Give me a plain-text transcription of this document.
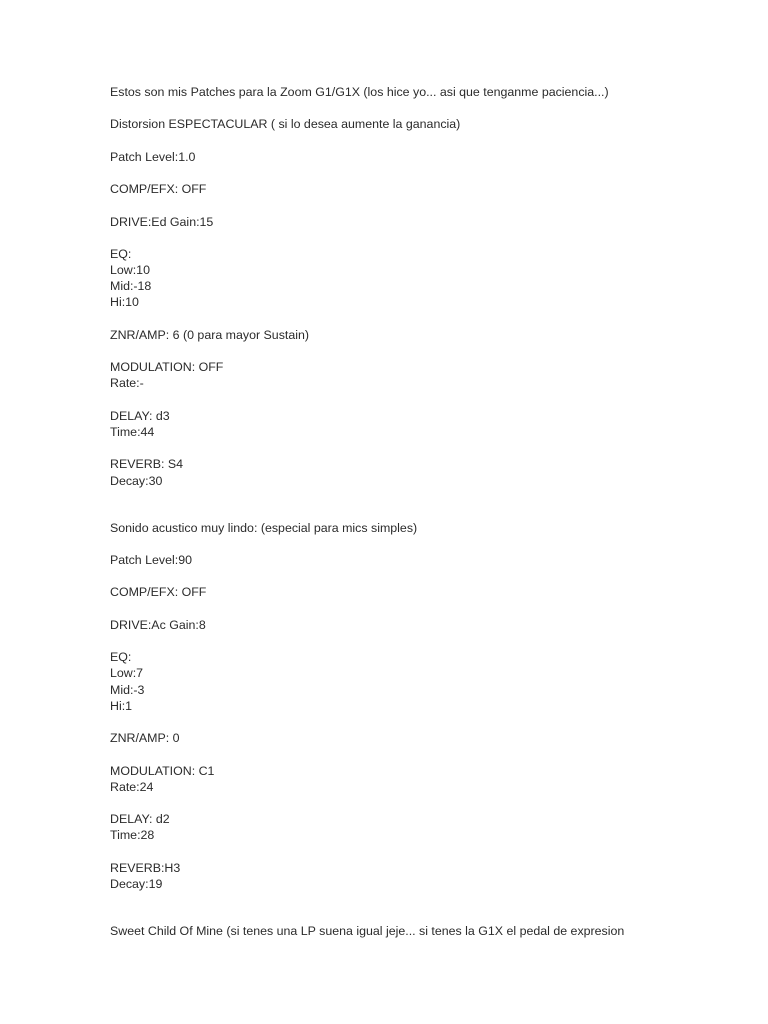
Estos son mis Patches para la Zoom G1/G1X (los hice yo... asi que tenganme paciencia...)
Distorsion ESPECTACULAR ( si lo desea aumente la ganancia)
Patch Level:1.0
COMP/EFX: OFF
DRIVE:Ed Gain:15
EQ:
Low:10
Mid:-18
Hi:10
ZNR/AMP: 6 (0 para mayor Sustain)
MODULATION: OFF
Rate:-
DELAY: d3
Time:44
REVERB: S4
Decay:30
Sonido acustico muy lindo: (especial para mics simples)
Patch Level:90
COMP/EFX: OFF
DRIVE:Ac Gain:8
EQ:
Low:7
Mid:-3
Hi:1
ZNR/AMP: 0
MODULATION: C1
Rate:24
DELAY: d2
Time:28
REVERB:H3
Decay:19
Sweet Child Of Mine (si tenes una LP suena igual jeje... si tenes la G1X el pedal de expresion
